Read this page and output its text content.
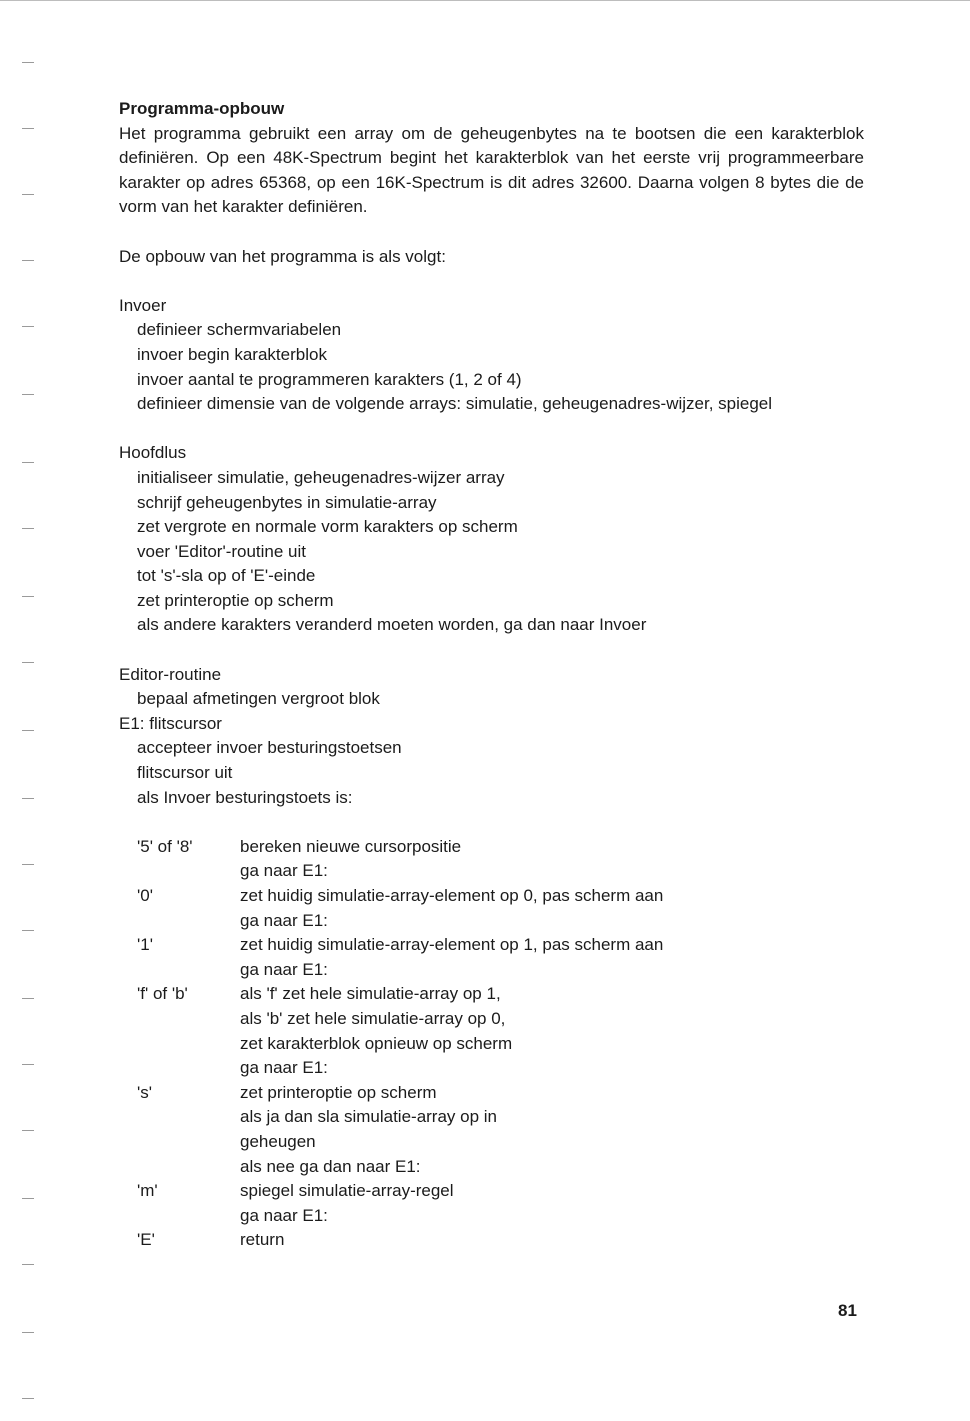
Programma-opbouw

Het programma gebruikt een array om de geheugenbytes na te bootsen die een karakterblok definiëren. Op een 48K-Spectrum begint het karakterblok van het eerste vrij programmeerbare karakter op adres 65368, op een 16K-Spectrum is dit adres 32600. Daarna volgen 8 bytes die de vorm van het karakter definiëren.

De opbouw van het programma is als volgt:

Invoer

definieer schermvariabelen

invoer begin karakterblok

invoer aantal te programmeren karakters (1, 2 of 4)

definieer dimensie van de volgende arrays: simulatie, geheugenadres-wijzer, spiegel

Hoofdlus

initialiseer simulatie, geheugenadres-wijzer array

schrijf geheugenbytes in simulatie-array

zet vergrote en normale vorm karakters op scherm

voer 'Editor'-routine uit

tot 's'-sla op of 'E'-einde

zet printeroptie op scherm

als andere karakters veranderd moeten worden, ga dan naar Invoer

Editor-routine

bepaal afmetingen vergroot blok

E1: flitscursor

accepteer invoer besturingstoetsen

flitscursor uit

als Invoer besturingstoets is:

'5' of '8'	bereken nieuwe cursorpositie
ga naar E1:
'0'	zet huidig simulatie-array-element op 0, pas scherm aan
ga naar E1:
'1'	zet huidig simulatie-array-element op 1, pas scherm aan
ga naar E1:
'f' of 'b'	als 'f' zet hele simulatie-array op 1,
als 'b' zet hele simulatie-array op 0,
zet karakterblok opnieuw op scherm
ga naar E1:
's'	zet printeroptie op scherm
als ja dan sla simulatie-array op in
geheugen
als nee ga dan naar E1:
'm'	spiegel simulatie-array-regel
ga naar E1:
'E'	return
81
